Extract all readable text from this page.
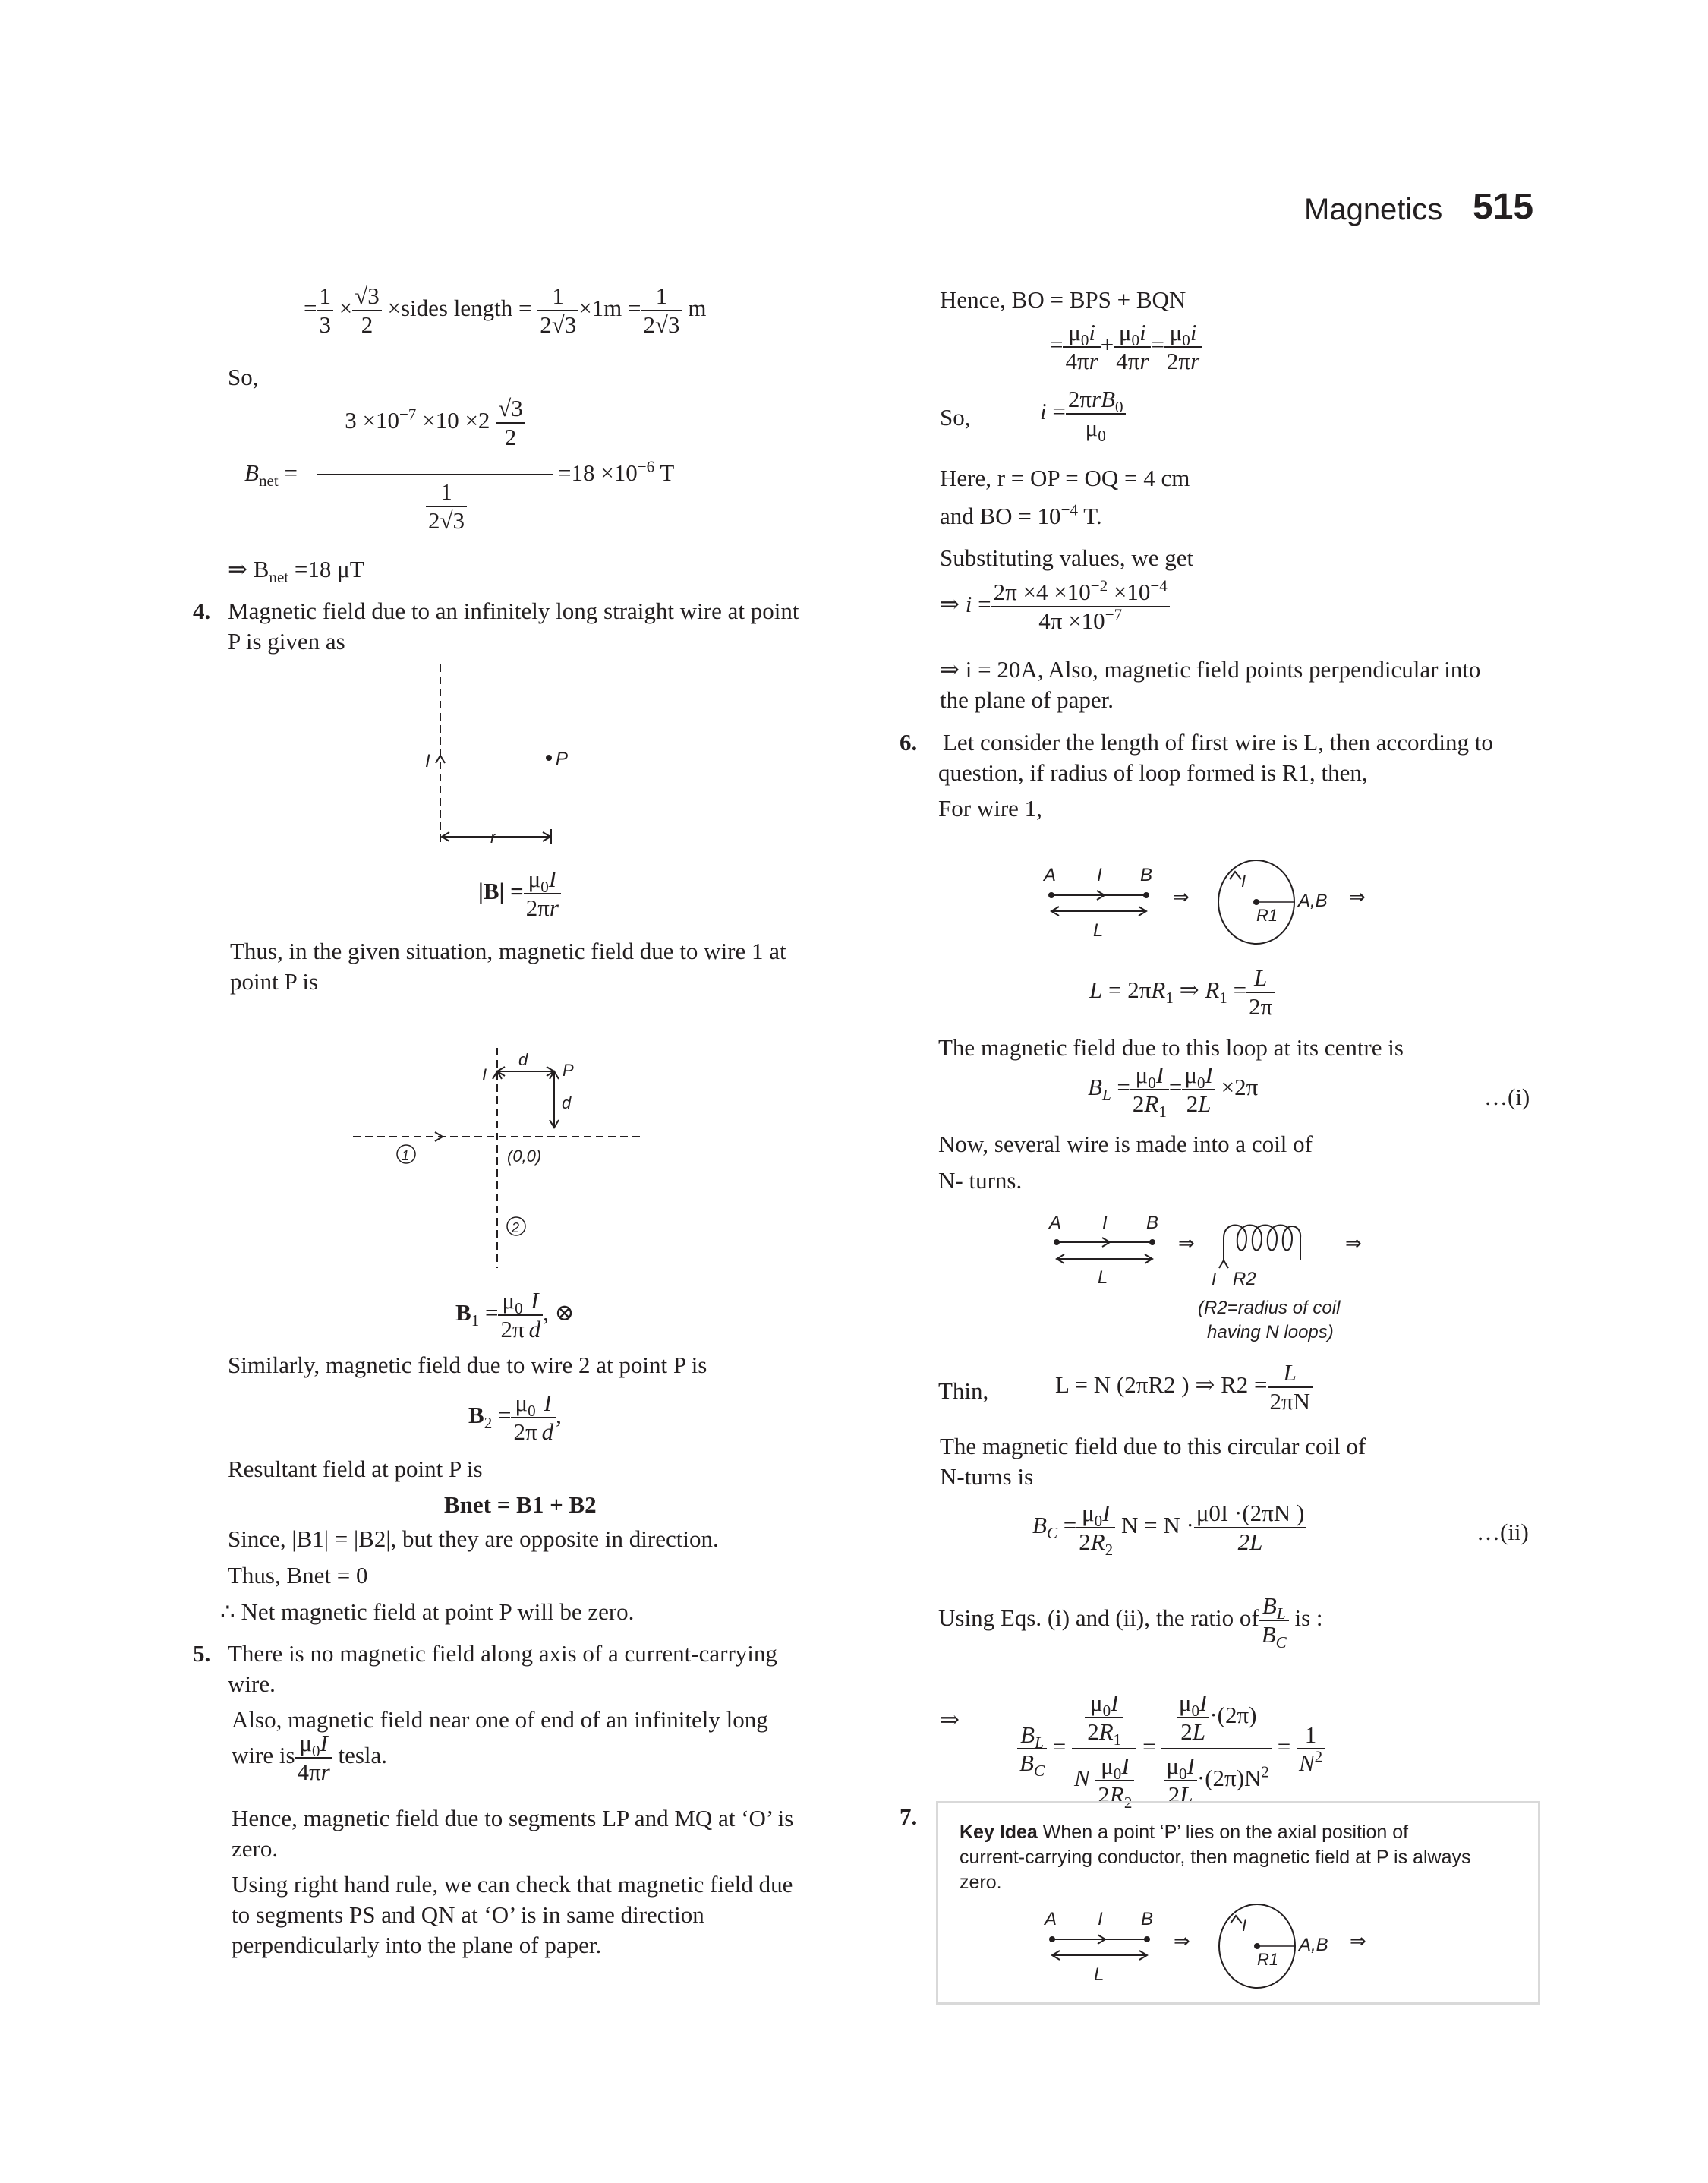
Magnetics 515
= $\frac{1}{3} \times \frac{√3}{2}$ ×sides length = $\frac{1}{2√3} \times 1m = \frac{1}{2√3}$ m
So,
$B_{net}$ =
$3 \times 10^{-7} \times 10 \times 2 \frac{√3}{2}$
$\frac{1}{2√3}$
$=18 \times 10^{-6}$ T
⇒ $B_{net} =18$ μT
4. Magnetic field due to an infinitely long straight wire at point
P is given as
I	P
r
$|B| = \frac{\mu_0I}{2\pi r}$
Thus, in the given situation, magnetic field due to wire 1 at
point P is
I
d
P
d
(0,0)
1
2
$B_1 = \frac{\mu_0}{2\pi} \frac{I}{d}$ , ⊗
Similarly, magnetic field due to wire 2 at point P is
$B_2 = \frac{\mu_0}{2\pi} \frac{I}{d}$ ,
Resultant field at point P is
Bnet = B1 + B2
Since, |B1| = |B2|, but they are opposite in direction.
Thus, Bnet = 0
∴ Net magnetic field at point P will be zero.
5. There is no magnetic field along axis of a current-carrying
wire.
Also, magnetic field near one of end of an infinitely long
wire is $\frac{\mu_0I}{4\pi r}$ tesla.
Hence, magnetic field due to segments LP and MQ at ‘O’ is
zero.
Using right hand rule, we can check that magnetic field due
to segments PS and QN at ‘O’ is in same direction
perpendicularly into the plane of paper.
Hence, BO = BPS + BQN
= $\frac{\mu_0i}{4\pi r} + \frac{\mu_0i}{4\pi r} = \frac{\mu_0i}{2\pi r}$
So,	i = 2πrB$_0$
$\mu_0$
Here, r = OP = OQ = 4 cm
and BO = $10^{-4}$ T.
Substituting values, we get
⇒ $i = \frac{2\pi \times 4 \times 10^{-2} \times 10^{-4}}{4\pi \times 10^{-7}}$
⇒ i = 20A, Also, magnetic field points perpendicular into
the plane of paper.
6. Let consider the length of first wire is L, then according to
question, if radius of loop formed is R1, then,
For wire 1,
A I B
L
⇒
I
R1
A,B ⇒
$L = 2\pi R_1$ ⇒ $R_1 = \frac{L}{2\pi}$
The magnetic field due to this loop at its centre is
$B_L = \frac{\mu_0I}{2R_1} = \frac{\mu_0I}{2L} \times 2\pi$	…(i)
Now, several wire is made into a coil of
N- turns.
A I B
L
⇒
I R2
⇒
(R2=radius of coil
having N loops)
Thin,	L = N (2πR2 ) ⇒ $R2 = \frac{L}{2\pi N}$
The magnetic field due to this circular coil of
N-turns is
$B_C = \frac{\mu_0I}{2R_2}$ $N = N \cdot \frac{\mu 0I \cdot(2\pi N )}{2L}$	…(ii)
Using Eqs. (i) and (ii), the ratio of $\frac{B_L}{B_C}$ is :
⇒
$\frac{B_L}{B_C} = \frac{\frac{\mu_0I}{2R_1}}{N \frac{\mu_0I}{2R_2}} = \frac{\frac{\mu_0I}{2L} \cdot(2\pi)}{\frac{\mu_0I}{2L} \cdot(2\pi)N^2} = \frac{1}{N^2}$
7.
Key Idea When a point ‘P’ lies on the axial position of
current-carrying conductor, then magnetic field at P is always
zero.
A I B
L
⇒
I
R1
A,B ⇒
